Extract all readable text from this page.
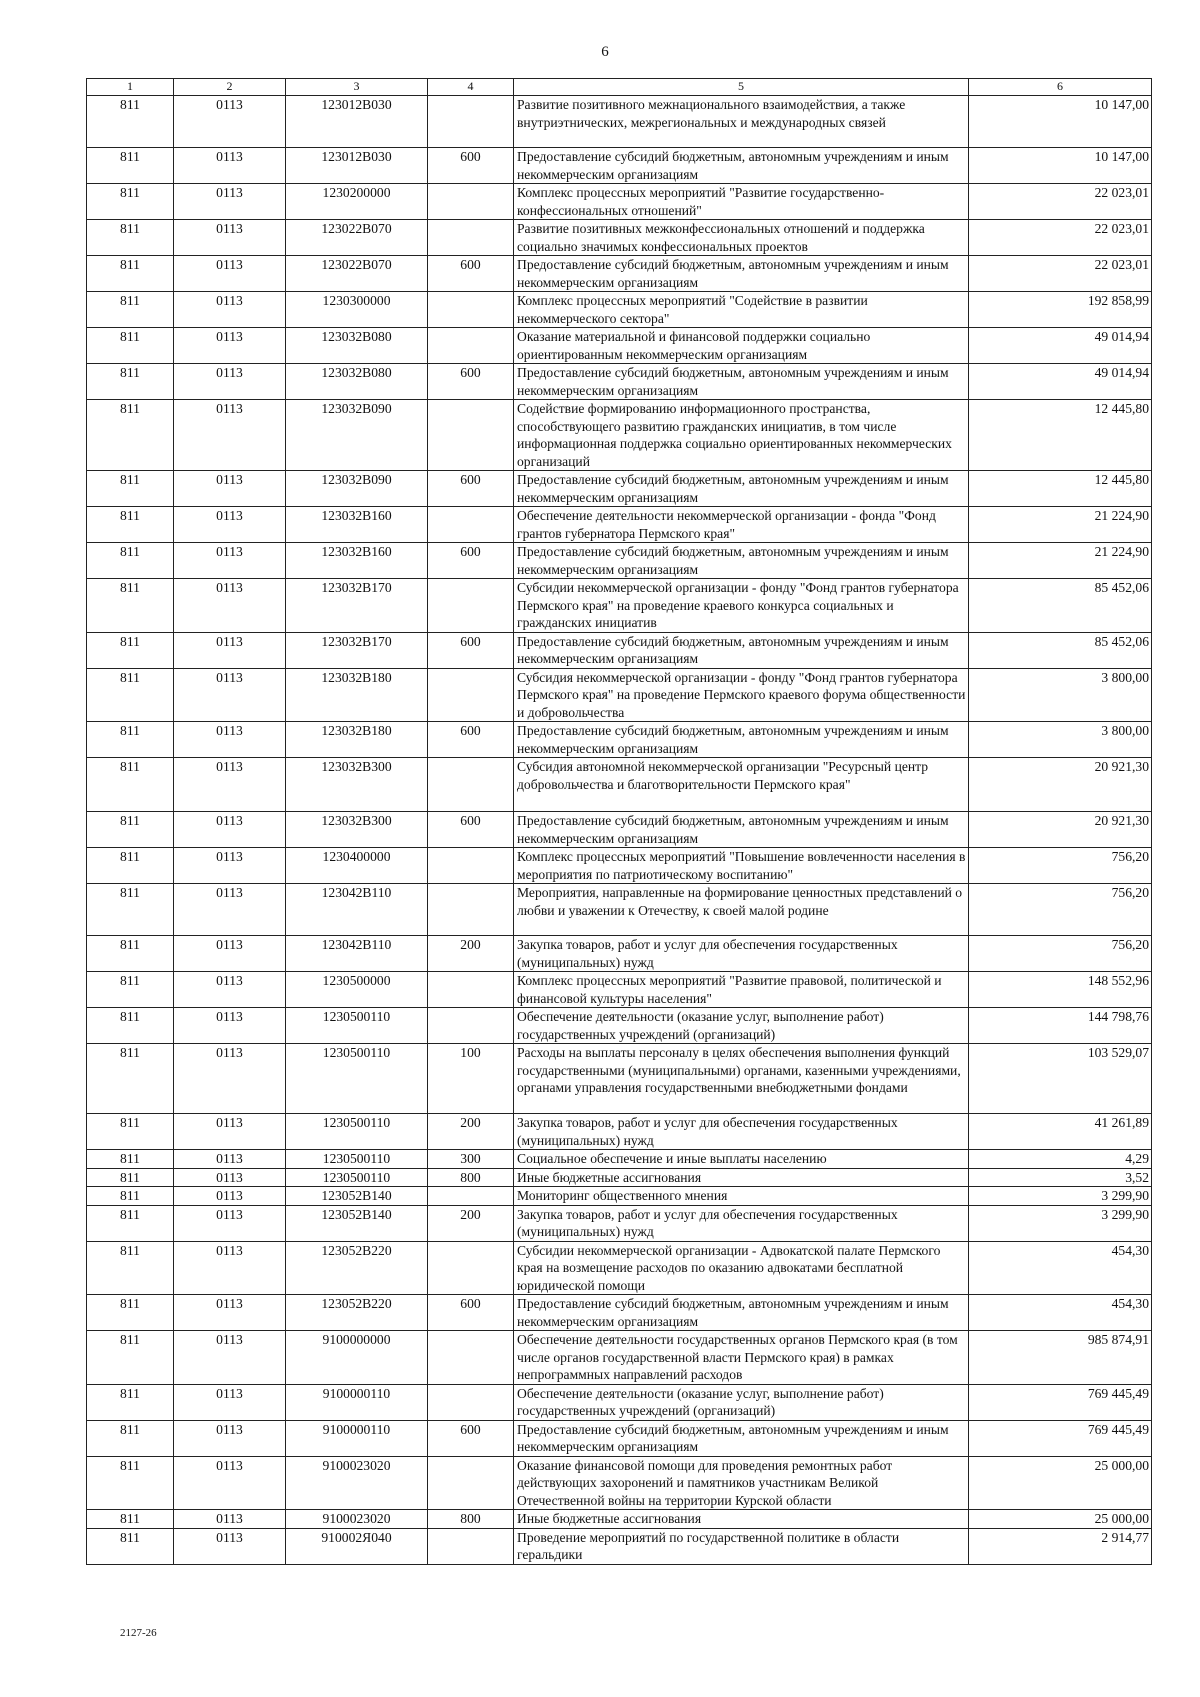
6
1	2	3	4	5	6
811	0113	123012B030		Развитие позитивного межнационального взаимодействия, а также внутриэтнических, межрегиональных и международных связей	10 147,00
811	0113	123012B030	600	Предоставление субсидий бюджетным, автономным учреждениям и иным некоммерческим организациям	10 147,00
811	0113	1230200000		Комплекс процессных мероприятий "Развитие государственно-конфессиональных отношений"	22 023,01
811	0113	123022B070		Развитие позитивных межконфессиональных отношений и поддержка социально значимых конфессиональных проектов	22 023,01
811	0113	123022B070	600	Предоставление субсидий бюджетным, автономным учреждениям и иным некоммерческим организациям	22 023,01
811	0113	1230300000		Комплекс процессных мероприятий "Содействие в развитии некоммерческого сектора"	192 858,99
811	0113	123032B080		Оказание материальной и финансовой поддержки социально ориентированным некоммерческим организациям	49 014,94
811	0113	123032B080	600	Предоставление субсидий бюджетным, автономным учреждениям и иным некоммерческим организациям	49 014,94
811	0113	123032B090		Содействие формированию информационного пространства, способствующего развитию гражданских инициатив, в том числе информационная поддержка социально ориентированных некоммерческих организаций	12 445,80
811	0113	123032B090	600	Предоставление субсидий бюджетным, автономным учреждениям и иным некоммерческим организациям	12 445,80
811	0113	123032B160		Обеспечение деятельности некоммерческой организации - фонда "Фонд грантов губернатора Пермского края"	21 224,90
811	0113	123032B160	600	Предоставление субсидий бюджетным, автономным учреждениям и иным некоммерческим организациям	21 224,90
811	0113	123032B170		Субсидии некоммерческой организации - фонду "Фонд грантов губернатора Пермского края" на проведение краевого конкурса социальных и гражданских инициатив	85 452,06
811	0113	123032B170	600	Предоставление субсидий бюджетным, автономным учреждениям и иным некоммерческим организациям	85 452,06
811	0113	123032B180		Субсидия некоммерческой организации - фонду "Фонд грантов губернатора Пермского края" на проведение Пермского краевого форума общественности и добровольчества	3 800,00
811	0113	123032B180	600	Предоставление субсидий бюджетным, автономным учреждениям и иным некоммерческим организациям	3 800,00
811	0113	123032B300		Субсидия автономной некоммерческой организации "Ресурсный центр добровольчества и благотворительности Пермского края"	20 921,30
811	0113	123032B300	600	Предоставление субсидий бюджетным, автономным учреждениям и иным некоммерческим организациям	20 921,30
811	0113	1230400000		Комплекс процессных мероприятий "Повышение вовлеченности населения в мероприятия по патриотическому воспитанию"	756,20
811	0113	123042B110		Мероприятия, направленные на формирование ценностных представлений о любви и уважении к Отечеству, к своей малой родине	756,20
811	0113	123042B110	200	Закупка товаров, работ и услуг для обеспечения государственных (муниципальных) нужд	756,20
811	0113	1230500000		Комплекс процессных мероприятий "Развитие правовой, политической и финансовой культуры населения"	148 552,96
811	0113	1230500110		Обеспечение деятельности (оказание услуг, выполнение работ) государственных учреждений (организаций)	144 798,76
811	0113	1230500110	100	Расходы на выплаты персоналу в целях обеспечения выполнения функций государственными (муниципальными) органами, казенными учреждениями, органами управления государственными внебюджетными фондами	103 529,07
811	0113	1230500110	200	Закупка товаров, работ и услуг для обеспечения государственных (муниципальных) нужд	41 261,89
811	0113	1230500110	300	Социальное обеспечение и иные выплаты населению	4,29
811	0113	1230500110	800	Иные бюджетные ассигнования	3,52
811	0113	123052B140		Мониторинг общественного мнения	3 299,90
811	0113	123052B140	200	Закупка товаров, работ и услуг для обеспечения государственных (муниципальных) нужд	3 299,90
811	0113	123052B220		Субсидии некоммерческой организации - Адвокатской палате Пермского края на возмещение расходов по оказанию адвокатами бесплатной юридической помощи	454,30
811	0113	123052B220	600	Предоставление субсидий бюджетным, автономным учреждениям и иным некоммерческим организациям	454,30
811	0113	9100000000		Обеспечение деятельности государственных органов Пермского края (в том числе органов государственной власти Пермского края) в рамках непрограммных направлений расходов	985 874,91
811	0113	9100000110		Обеспечение деятельности (оказание услуг, выполнение работ) государственных учреждений (организаций)	769 445,49
811	0113	9100000110	600	Предоставление субсидий бюджетным, автономным учреждениям и иным некоммерческим организациям	769 445,49
811	0113	9100023020		Оказание финансовой помощи для проведения ремонтных работ действующих захоронений и памятников участникам Великой Отечественной войны на территории Курской области	25 000,00
811	0113	9100023020	800	Иные бюджетные ассигнования	25 000,00
811	0113	910002Я040		Проведение мероприятий по государственной политике в области геральдики	2 914,77
2127-26
